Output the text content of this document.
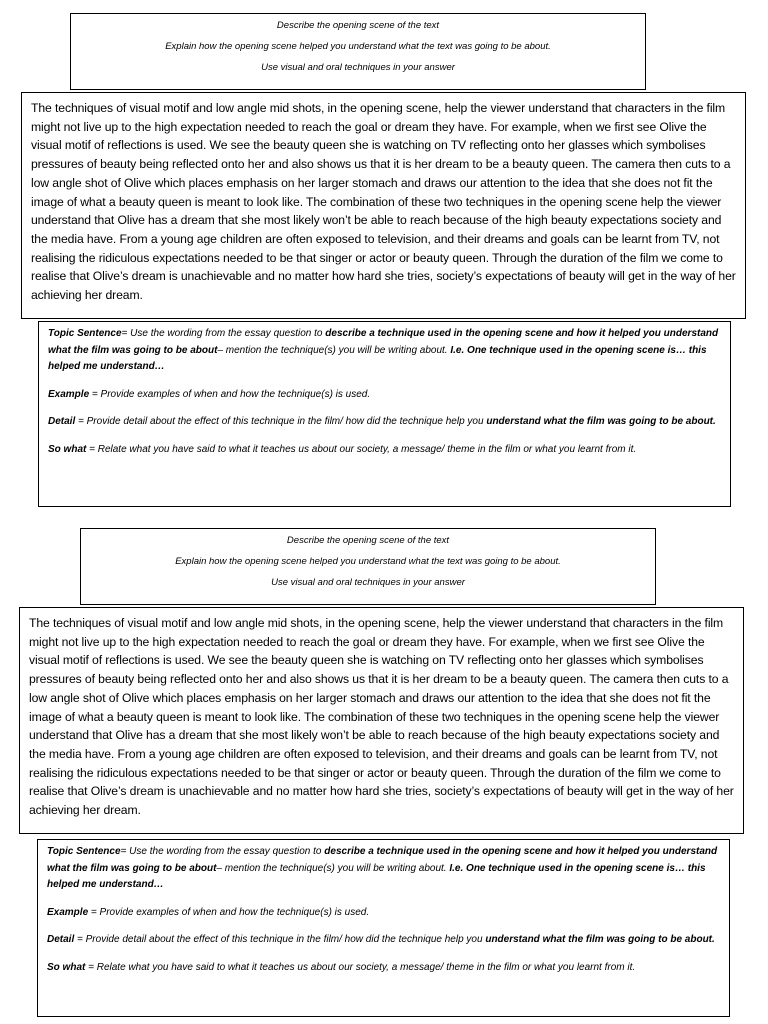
Describe the opening scene of the text

Explain how the opening scene helped you understand what the text was going to be about.

Use visual and oral techniques in your answer

The techniques of visual motif and low angle mid shots, in the opening scene, help the viewer understand that characters in the film might not live up to the high expectation needed to reach the goal or dream they have. For example, when we first see Olive the visual motif of reflections is used. We see the beauty queen she is watching on TV reflecting onto her glasses which symbolises pressures of beauty being reflected onto her and also shows us that it is her dream to be a beauty queen. The camera then cuts to a low angle shot of Olive which places emphasis on her larger stomach and draws our attention to the idea that she does not fit the image of what a beauty queen is meant to look like. The combination of these two techniques in the opening scene help the viewer understand that Olive has a dream that she most likely won’t be able to reach because of the high beauty expectations society and the media have. From a young age children are often exposed to television, and their dreams and goals can be learnt from TV, not realising the ridiculous expectations needed to be that singer or actor or beauty queen. Through the duration of the film we come to realise that Olive’s dream is unachievable and no matter how hard she tries, society’s expectations of beauty will get in the way of her achieving her dream.

Topic Sentence= Use the wording from the essay question to describe a technique used in the opening scene and how it helped you understand what the film was going to be about– mention the technique(s) you will be writing about. I.e. One technique used in the opening scene is… this helped me understand…

Example = Provide examples of when and how the technique(s) is used.

Detail = Provide detail about the effect of this technique in the film/ how did the technique help you understand what the film was going to be about.

So what = Relate what you have said to what it teaches us about our society, a message/ theme in the film or what you learnt from it.

Describe the opening scene of the text

Explain how the opening scene helped you understand what the text was going to be about.

Use visual and oral techniques in your answer

The techniques of visual motif and low angle mid shots, in the opening scene, help the viewer understand that characters in the film might not live up to the high expectation needed to reach the goal or dream they have. For example, when we first see Olive the visual motif of reflections is used. We see the beauty queen she is watching on TV reflecting onto her glasses which symbolises pressures of beauty being reflected onto her and also shows us that it is her dream to be a beauty queen. The camera then cuts to a low angle shot of Olive which places emphasis on her larger stomach and draws our attention to the idea that she does not fit the image of what a beauty queen is meant to look like. The combination of these two techniques in the opening scene help the viewer understand that Olive has a dream that she most likely won’t be able to reach because of the high beauty expectations society and the media have. From a young age children are often exposed to television, and their dreams and goals can be learnt from TV, not realising the ridiculous expectations needed to be that singer or actor or beauty queen. Through the duration of the film we come to realise that Olive’s dream is unachievable and no matter how hard she tries, society’s expectations of beauty will get in the way of her achieving her dream.

Topic Sentence= Use the wording from the essay question to describe a technique used in the opening scene and how it helped you understand what the film was going to be about– mention the technique(s) you will be writing about. I.e. One technique used in the opening scene is… this helped me understand…

Example = Provide examples of when and how the technique(s) is used.

Detail = Provide detail about the effect of this technique in the film/ how did the technique help you understand what the film was going to be about.

So what = Relate what you have said to what it teaches us about our society, a message/ theme in the film or what you learnt from it.
